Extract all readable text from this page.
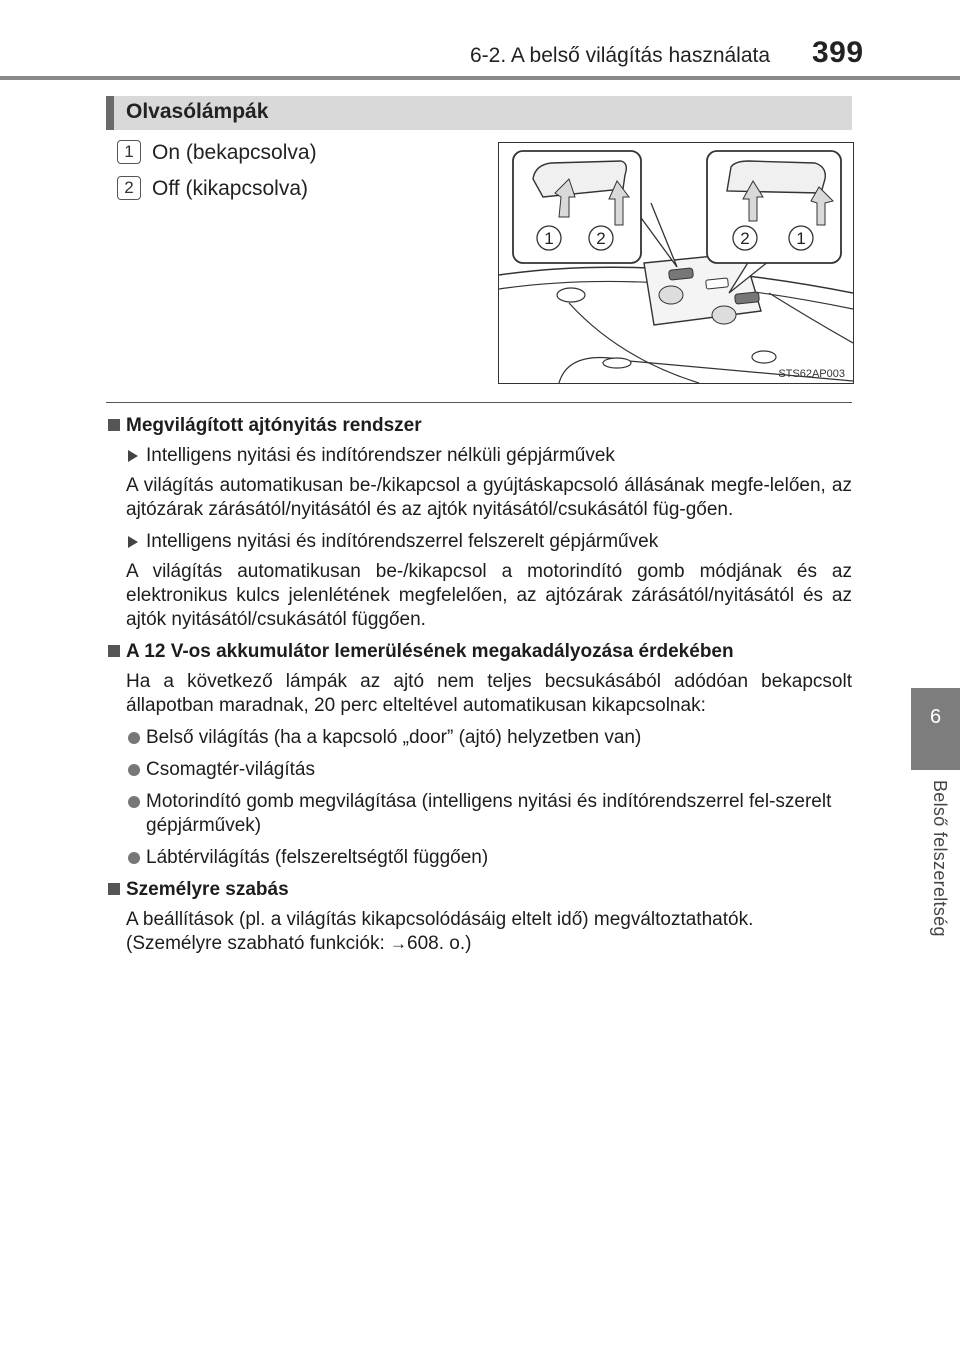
6-2. A belső világítás használata 399
6
Belső felszereltség
Olvasólámpák
1 On (bekapcsolva)
2 Off (kikapcsolva)
1	2	2	1
STS62AP003
Megvilágított ajtónyitás rendszer
Intelligens nyitási és indítórendszer nélküli gépjárművek
A világítás automatikusan be-/kikapcsol a gyújtáskapcsoló állásának megfe-lelően, az ajtózárak zárásától/nyitásától és az ajtók nyitásától/csukásától füg-gően.
Intelligens nyitási és indítórendszerrel felszerelt gépjárművek
A világítás automatikusan be-/kikapcsol a motorindító gomb módjának és az elektronikus kulcs jelenlétének megfelelően, az ajtózárak zárásától/nyitásától és az ajtók nyitásától/csukásától függően.
A 12 V-os akkumulátor lemerülésének megakadályozása érdekében
Ha a következő lámpák az ajtó nem teljes becsukásából adódóan bekapcsolt állapotban maradnak, 20 perc elteltével automatikusan kikapcsolnak:
Belső világítás (ha a kapcsoló „door” (ajtó) helyzetben van)
Csomagtér-világítás
Motorindító gomb megvilágítása (intelligens nyitási és indítórendszerrel fel-szerelt gépjárművek)
Lábtérvilágítás (felszereltségtől függően)
Személyre szabás
A beállítások (pl. a világítás kikapcsolódásáig eltelt idő) megváltoztathatók.
(Személyre szabható funkciók: →608. o.)
